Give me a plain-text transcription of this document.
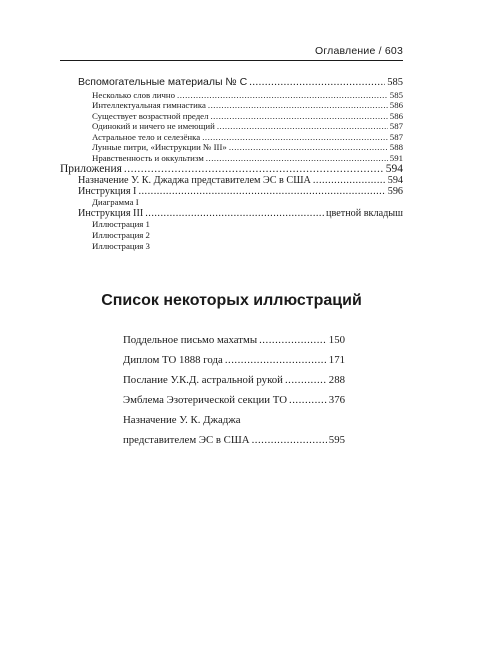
Оглавление / 603
Вспомогательные материалы № С .....	585
Несколько слов лично .....	585
Интеллектуальная гимнастика .....	586
Существует возрастной предел .....	586
Одинокий и ничего не имеющий .....	587
Астральное тело и селезёнка .....	587
Лунные питри, «Инструкции № III» .....	588
Нравственность и оккультизм .....	591
Приложения .....	594
Назначение У. К. Джаджа представителем ЭС в США .....	594
Инструкция I .....	596
Диаграмма I
Инструкция III .....	цветной вкладыш
Иллюстрация 1
Иллюстрация 2
Иллюстрация 3
Список некоторых иллюстраций
Поддельное письмо махатмы .....	150
Диплом ТО 1888 года .....	171
Послание У.К.Д. астральной рукой .....	288
Эмблема Эзотерической секции ТО .....	376
Назначение У. К. Джаджа
представителем ЭС в США .....	595
